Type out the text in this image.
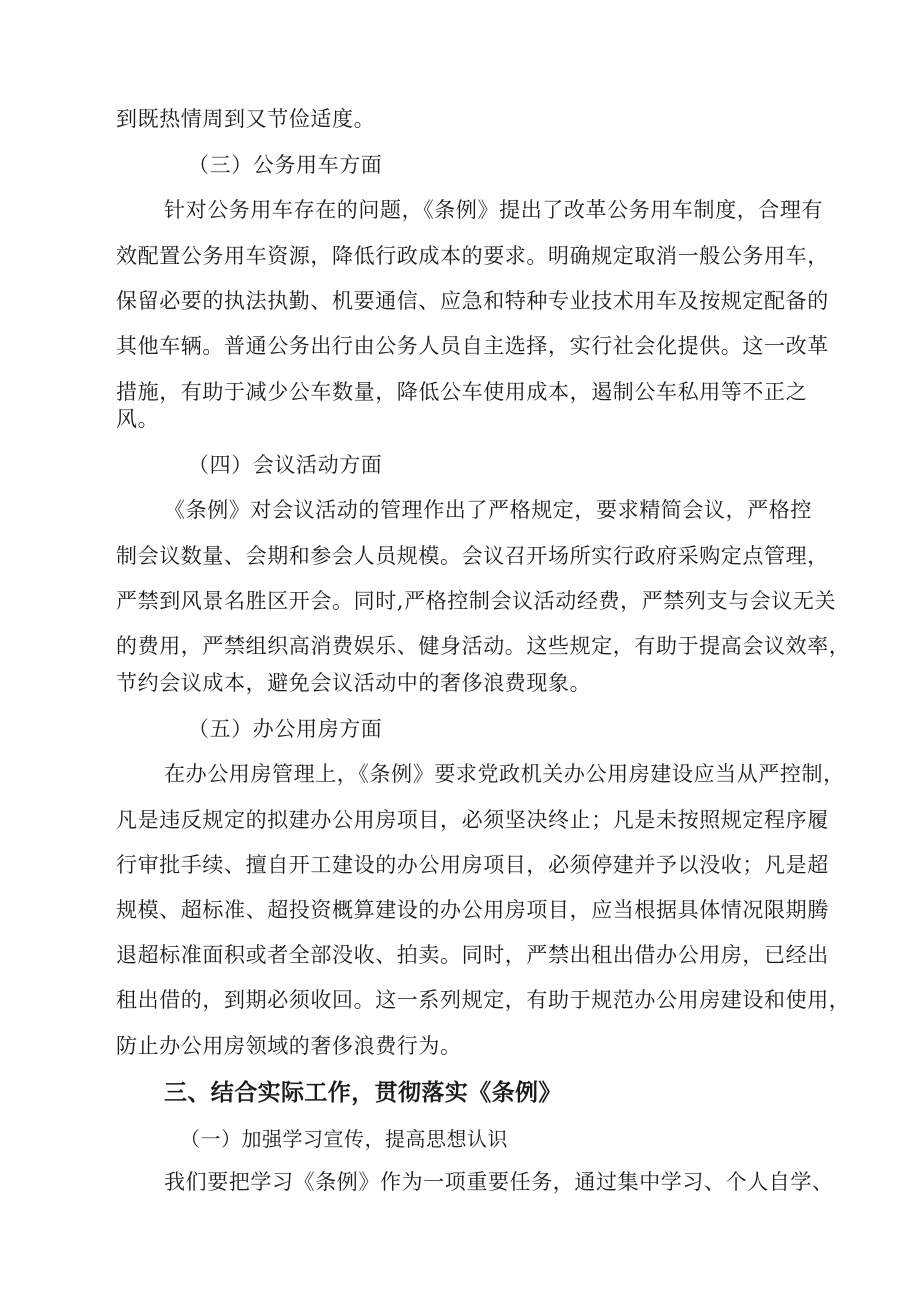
到既热情周到又节俭适度。
（三）公务用车方面
针对公务用车存在的问题，《条例》提出了改革公务用车制度，合理有
效配置公务用车资源，降低行政成本的要求。明确规定取消一般公务用车，
保留必要的执法执勤、机要通信、应急和特种专业技术用车及按规定配备的
其他车辆。普通公务出行由公务人员自主选择，实行社会化提供。这一改革
措施，有助于减少公车数量，降低公车使用成本，遏制公车私用等不正之
风。
（四）会议活动方面
《条例》对会议活动的管理作出了严格规定，要求精简会议，严格控
制会议数量、会期和参会人员规模。会议召开场所实行政府采购定点管理，
严禁到风景名胜区开会。同时,严格控制会议活动经费，严禁列支与会议无关
的费用，严禁组织高消费娱乐、健身活动。这些规定，有助于提高会议效率，
节约会议成本，避免会议活动中的奢侈浪费现象。
（五）办公用房方面
在办公用房管理上，《条例》要求党政机关办公用房建设应当从严控制，
凡是违反规定的拟建办公用房项目，必须坚决终止；凡是未按照规定程序履
行审批手续、擅自开工建设的办公用房项目，必须停建并予以没收；凡是超
规模、超标准、超投资概算建设的办公用房项目，应当根据具体情况限期腾
退超标准面积或者全部没收、拍卖。同时，严禁出租出借办公用房，已经出
租出借的，到期必须收回。这一系列规定，有助于规范办公用房建设和使用，
防止办公用房领域的奢侈浪费行为。
三、结合实际工作，贯彻落实《条例》
（一）加强学习宣传，提高思想认识
我们要把学习《条例》作为一项重要任务，通过集中学习、个人自学、
